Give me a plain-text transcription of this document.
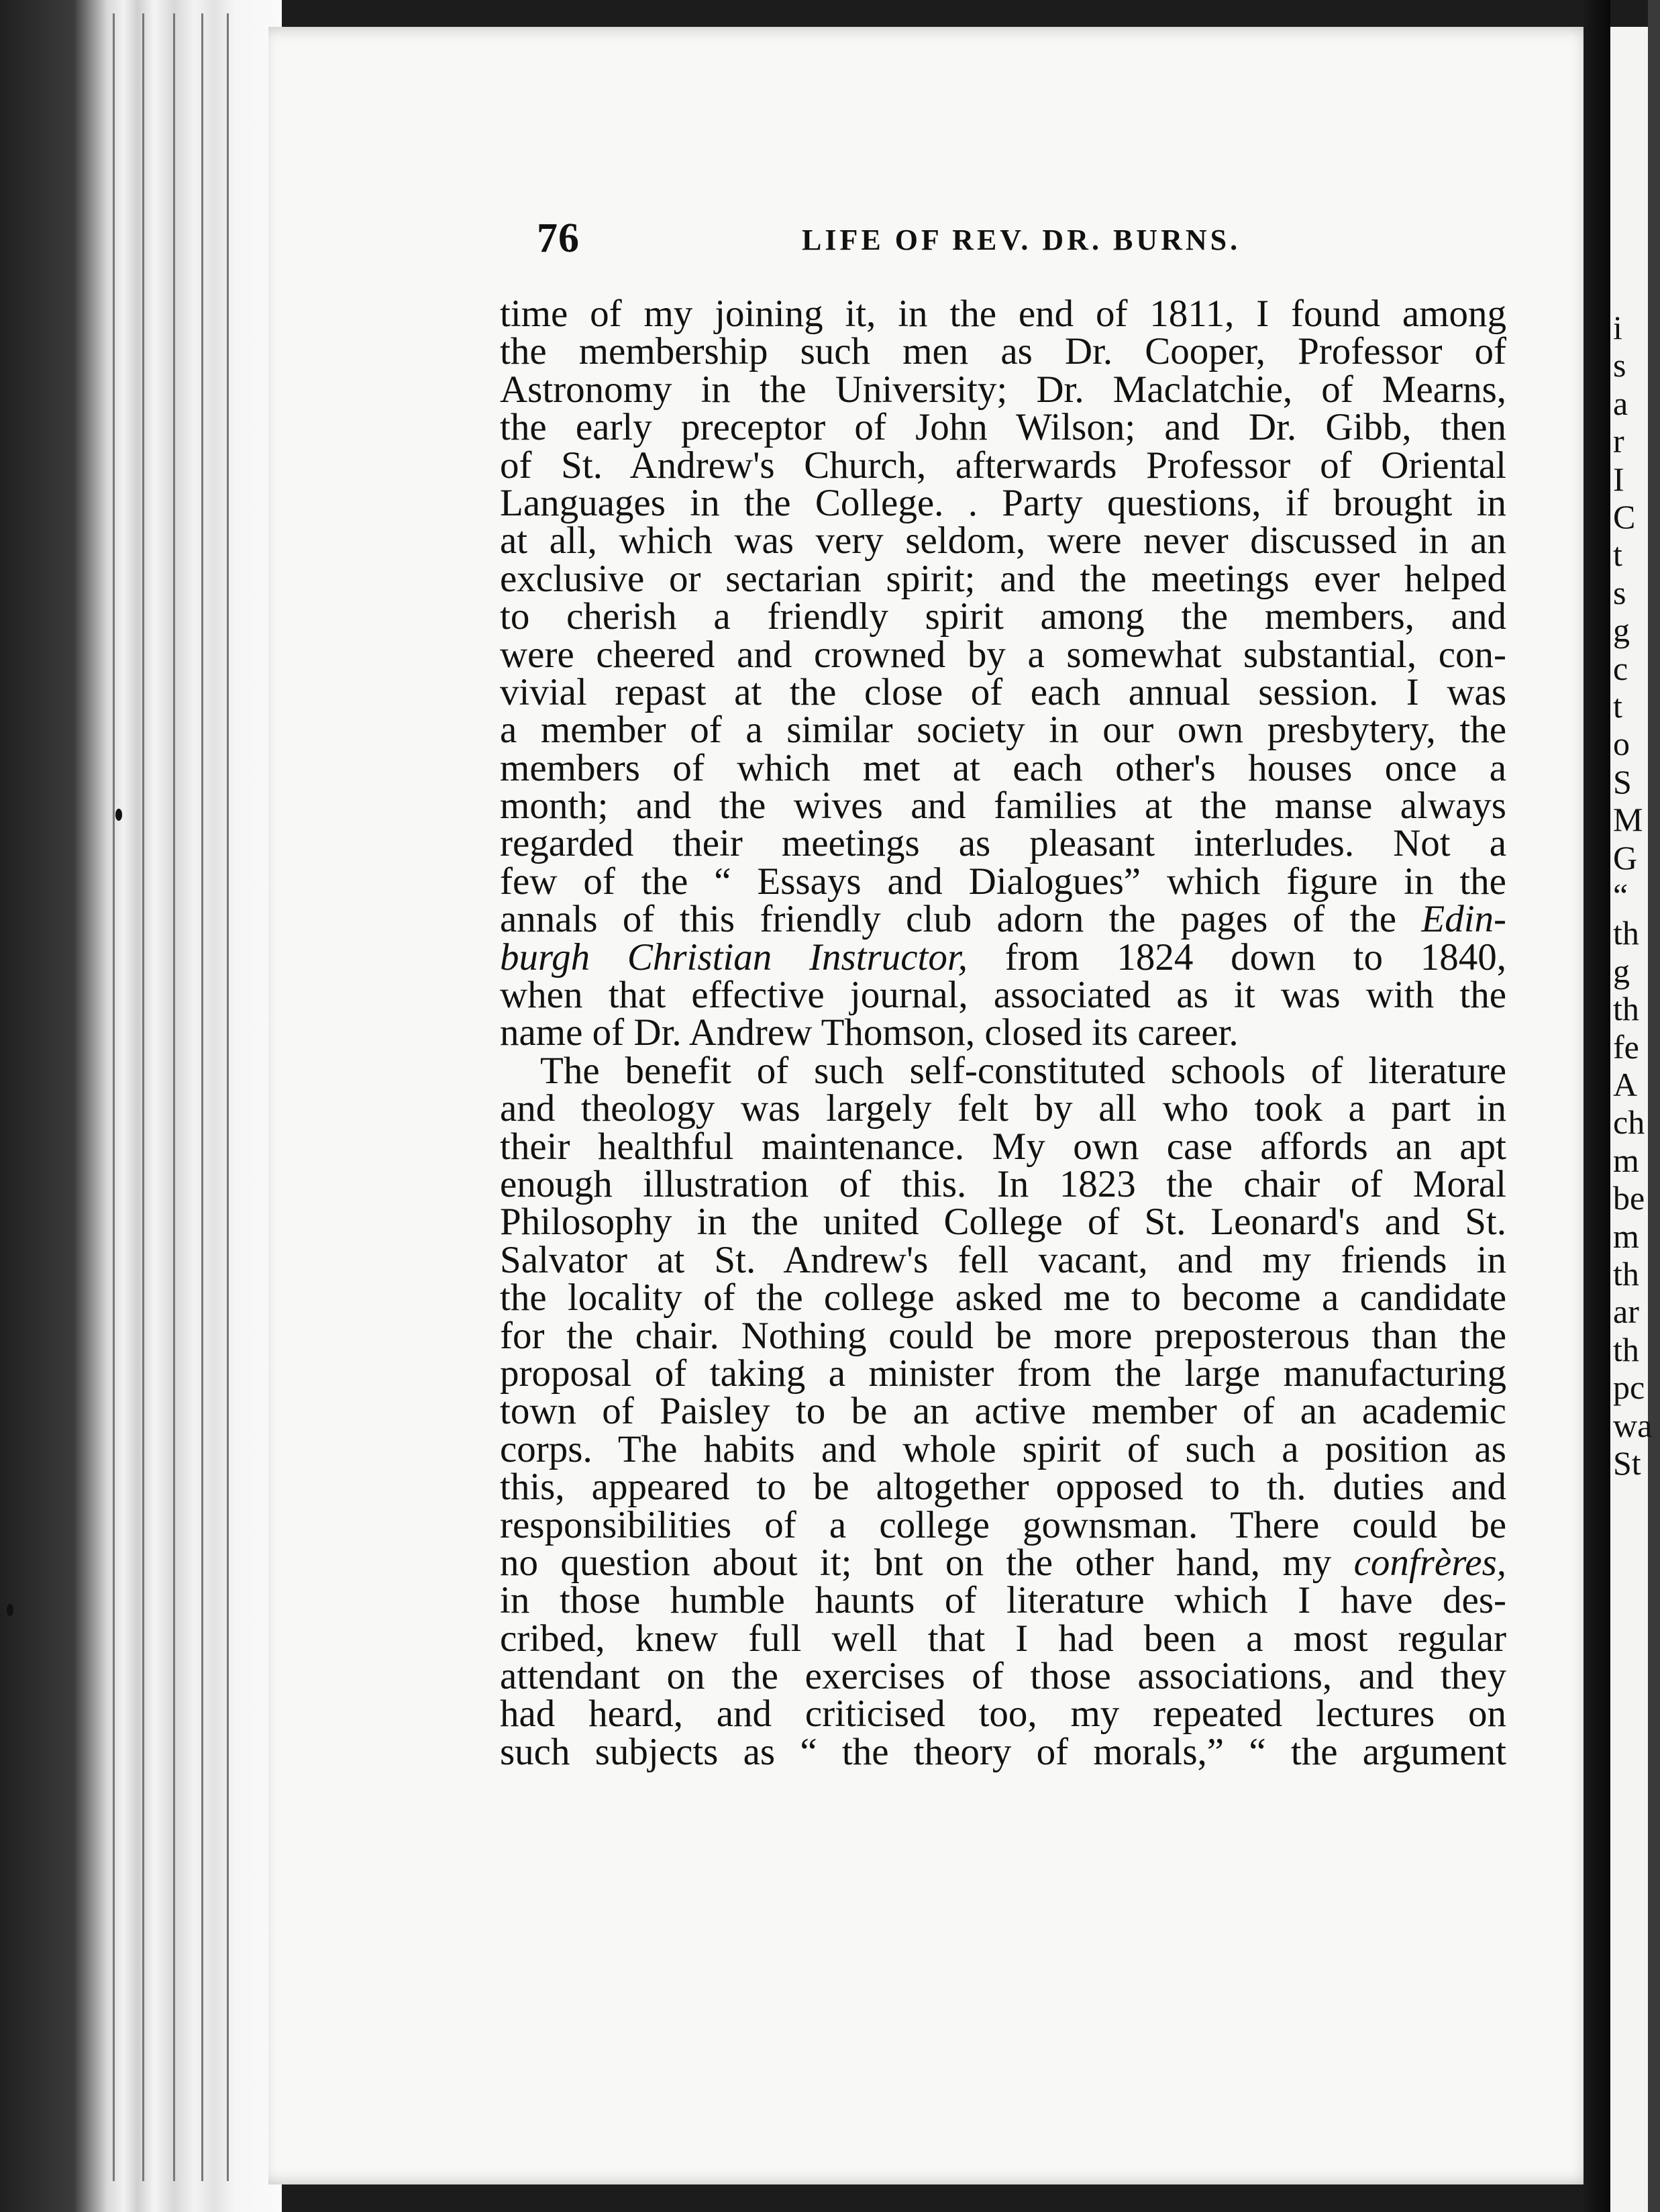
i
s
a
r
I
C
t
s
g
c
t
o
S
M
G
“
th
g
th
fe
A
ch
m
be
m
th
ar
th
pc
wa
St
76	LIFE OF REV. DR. BURNS.
time of my joining it, in the end of 1811, I found among
the membership such men as Dr. Cooper, Professor of
Astronomy in the University; Dr. Maclatchie, of Mearns,
the early preceptor of John Wilson; and Dr. Gibb, then
of St. Andrew's Church, afterwards Professor of Oriental
Languages in the College. . Party questions, if brought in
at all, which was very seldom, were never discussed in an
exclusive or sectarian spirit; and the meetings ever helped
to cherish a friendly spirit among the members, and
were cheered and crowned by a somewhat substantial, con-
vivial repast at the close of each annual session. I was
a member of a similar society in our own presbytery, the
members of which met at each other's houses once a
month; and the wives and families at the manse always
regarded their meetings as pleasant interludes. Not a
few of the “ Essays and Dialogues” which figure in the
annals of this friendly club adorn the pages of the Edin-
burgh Christian Instructor, from 1824 down to 1840,
when that effective journal, associated as it was with the
name of Dr. Andrew Thomson, closed its career.
The benefit of such self-constituted schools of literature
and theology was largely felt by all who took a part in
their healthful maintenance. My own case affords an apt
enough illustration of this. In 1823 the chair of Moral
Philosophy in the united College of St. Leonard's and St.
Salvator at St. Andrew's fell vacant, and my friends in
the locality of the college asked me to become a candidate
for the chair. Nothing could be more preposterous than the
proposal of taking a minister from the large manufacturing
town of Paisley to be an active member of an academic
corps. The habits and whole spirit of such a position as
this, appeared to be altogether opposed to th. duties and
responsibilities of a college gownsman. There could be
no question about it; bnt on the other hand, my confrères,
in those humble haunts of literature which I have des-
cribed, knew full well that I had been a most regular
attendant on the exercises of those associations, and they
had heard, and criticised too, my repeated lectures on
such subjects as “ the theory of morals,” “ the argument
